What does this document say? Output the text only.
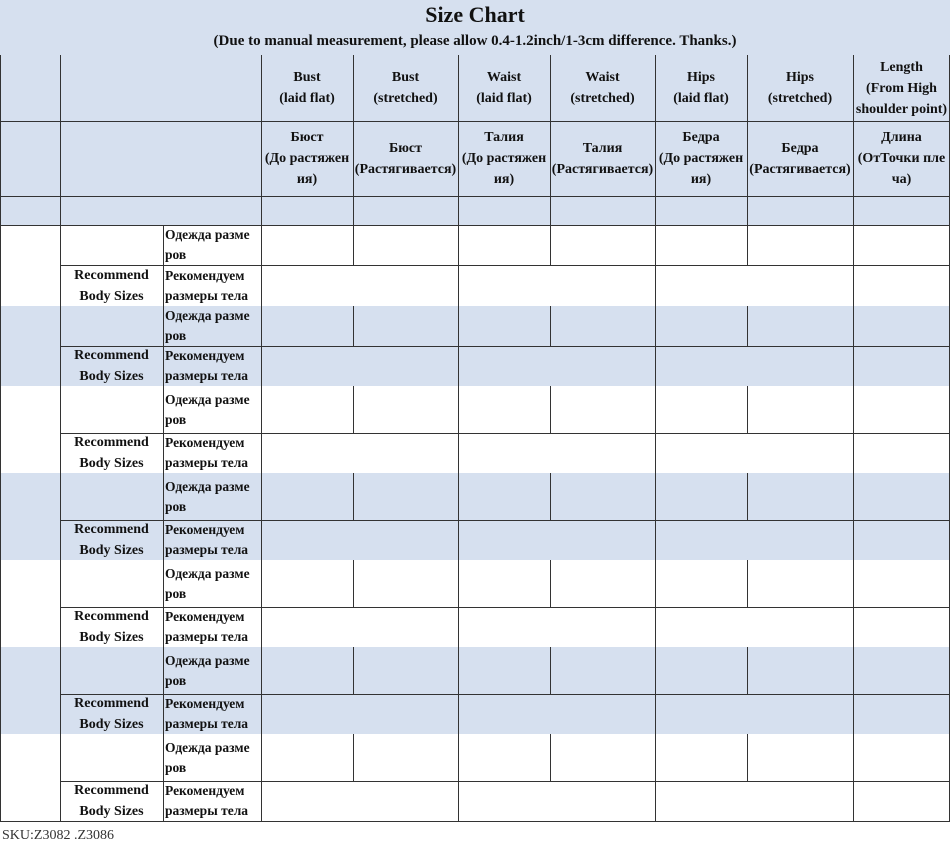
Size Chart
(Due to manual measurement, please allow 0.4-1.2inch/1-3cm difference. Thanks.)
Bust
(laid flat)
Bust
(stretched)
Waist
(laid flat)
Waist
(stretched)
Hips
(laid flat)
Hips
(stretched)
Length
(From High
shoulder point)
Бюст
(До растяжен
ия)
Бюст
(Растягивается)
Талия
(До растяжен
ия)
Талия
(Растягивается)
Бедра
(До растяжен
ия)
Бедра
(Растягивается)
Длина
(ОтТочки пле
ча)
Одежда разме
ров
Recommend
Body Sizes
Рекомендуем
размеры тела
Одежда разме
ров
Recommend
Body Sizes
Рекомендуем
размеры тела
Одежда разме
ров
Recommend
Body Sizes
Рекомендуем
размеры тела
Одежда разме
ров
Recommend
Body Sizes
Рекомендуем
размеры тела
Одежда разме
ров
Recommend
Body Sizes
Рекомендуем
размеры тела
Одежда разме
ров
Recommend
Body Sizes
Рекомендуем
размеры тела
Одежда разме
ров
Recommend
Body Sizes
Рекомендуем
размеры тела
SKU:Z3082 .Z3086
